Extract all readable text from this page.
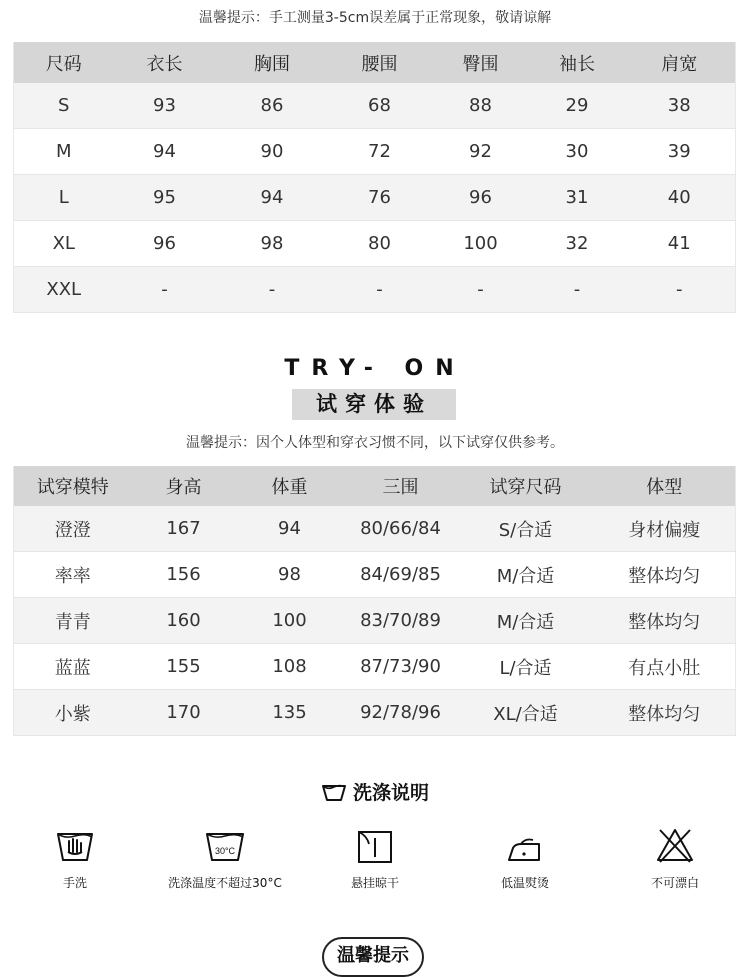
温馨提示：手工测量3-5cm误差属于正常现象，敬请谅解
尺码	衣长	胸围	腰围	臀围	袖长	肩宽
S	93	86	68	88	29	38
M	94	90	72	92	30	39
L	95	94	76	96	31	40
XL	96	98	80	100	32	41
XXL	-	-	-	-	-	-
TRY- ON
试穿体验
温馨提示：因个人体型和穿衣习惯不同，以下试穿仅供参考。
试穿模特	身高	体重	三围	试穿尺码	体型
澄澄	167	94	80/66/84	S/合适	身材偏瘦
率率	156	98	84/69/85	M/合适	整体均匀
青青	160	100	83/70/89	M/合适	整体均匀
蓝蓝	155	108	87/73/90	L/合适	有点小肚
小紫	170	135	92/78/96	XL/合适	整体均匀
洗涤说明
手洗
30°C
洗涤温度不超过30°C	悬挂晾干	低温熨烫	不可漂白
温馨提示
